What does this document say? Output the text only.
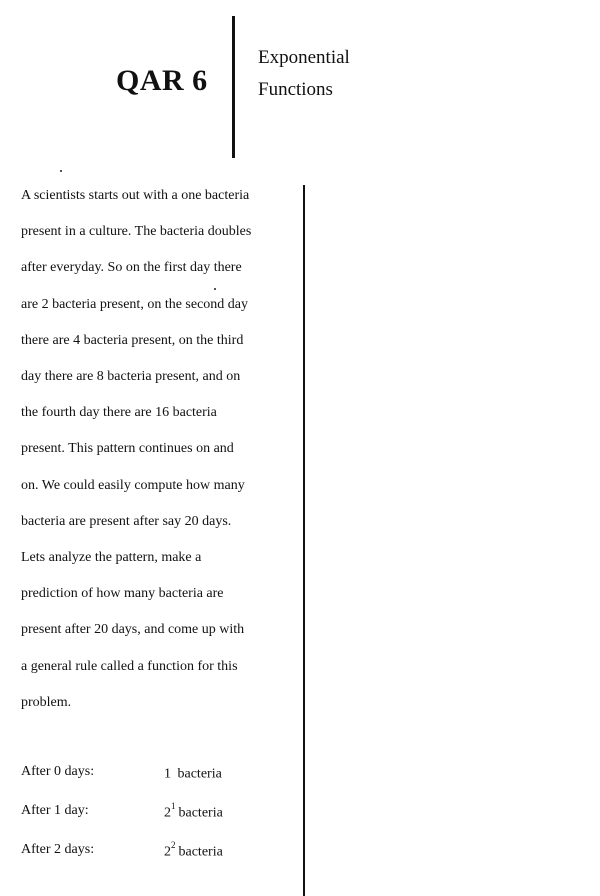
QAR 6
Exponential
Functions
A scientists starts out with a one bacteria
present in a culture. The bacteria doubles
after everyday. So on the first day there
are 2 bacteria present, on the second day
there are 4 bacteria present, on the third
day there are 8 bacteria present, and on
the fourth day there are 16 bacteria
present. This pattern continues on and
on. We could easily compute how many
bacteria are present after say 20 days.
Lets analyze the pattern, make a
prediction of how many bacteria are
present after 20 days, and come up with
a general rule called a function for this
problem.
After 0 days:	1 bacteria
After 1 day:	$2^1$ bacteria
After 2 days:	$2^2$ bacteria
